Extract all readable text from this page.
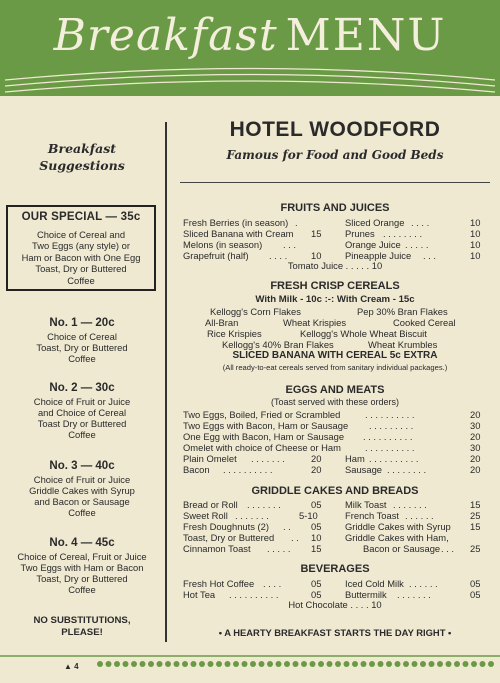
Breakfast MENU
Breakfast
Suggestions
OUR SPECIAL — 35c
Choice of Cereal and
Two Eggs (any style) or
Ham or Bacon with One Egg
Toast, Dry or Buttered
Coffee
No. 1 — 20c
Choice of Cereal
Toast, Dry or Buttered
Coffee
No. 2 — 30c
Choice of Fruit or Juice
and Choice of Cereal
Toast Dry or Buttered
Coffee
No. 3 — 40c
Choice of Fruit or Juice
Griddle Cakes with Syrup
and Bacon or Sausage
Coffee
No. 4 — 45c
Choice of Cereal, Fruit or Juice
Two Eggs with Ham or Bacon
Toast, Dry or Buttered
Coffee
NO SUBSTITUTIONS,
PLEASE!
▲ 4
HOTEL WOODFORD
Famous for Food and Good Beds
FRUITS AND JUICES
Fresh Berries (in season) .	Sliced Orange . . . .	10
Sliced Banana with Cream 15	Prunes . . . . . . . .	10
Melons (in season) . . .	Orange Juice . . . . .	10
Grapefruit (half) . . . .	10	Pineapple Juice . . .	10
Tomato Juice . . . . . 10
FRESH CRISP CEREALS
With Milk - 10c :-: With Cream - 15c
Kellogg's Corn Flakes	Pep 30% Bran Flakes
All-Bran	Wheat Krispies	Cooked Cereal
Rice Krispies	Kellogg's Whole Wheat Biscuit
Kellogg's 40% Bran Flakes	Wheat Krumbles
SLICED BANANA WITH CEREAL 5c EXTRA
(All ready-to-eat cereals served from sanitary individual packages.)
EGGS AND MEATS
(Toast served with these orders)
Two Eggs, Boiled, Fried or Scrambled	. . . . . . . . . .	20
Two Eggs with Bacon, Ham or Sausage . . . . . . . . .	30
One Egg with Bacon, Ham or Sausage . . . . . . . . . .	20
Omelet with choice of Cheese or Ham	. . . . . . . . . .	30
Plain Omelet . . . . . . .	20	Ham . . . . . . . . . .	20
Bacon . . . . . . . . . .	20	Sausage . . . . . . . .	20
GRIDDLE CAKES AND BREADS
Bread or Roll . . . . . . .	05	Milk Toast . . . . . . .	15
Sweet Roll . . . . . . .	5-10	French Toast . . . . . .	25
Fresh Doughnuts (2) . . 05	Griddle Cakes with Syrup 15
Toast, Dry or Buttered . . 10	Griddle Cakes with Ham,
Cinnamon Toast . . . . . 15	Bacon or Sausage . . . 25
BEVERAGES
Fresh Hot Coffee . . . .	05	Iced Cold Milk . . . . . .	05
Hot Tea . . . . . . . . . .	05	Buttermilk . . . . . . .	05
Hot Chocolate . . . . 10
• A HEARTY BREAKFAST STARTS THE DAY RIGHT •
